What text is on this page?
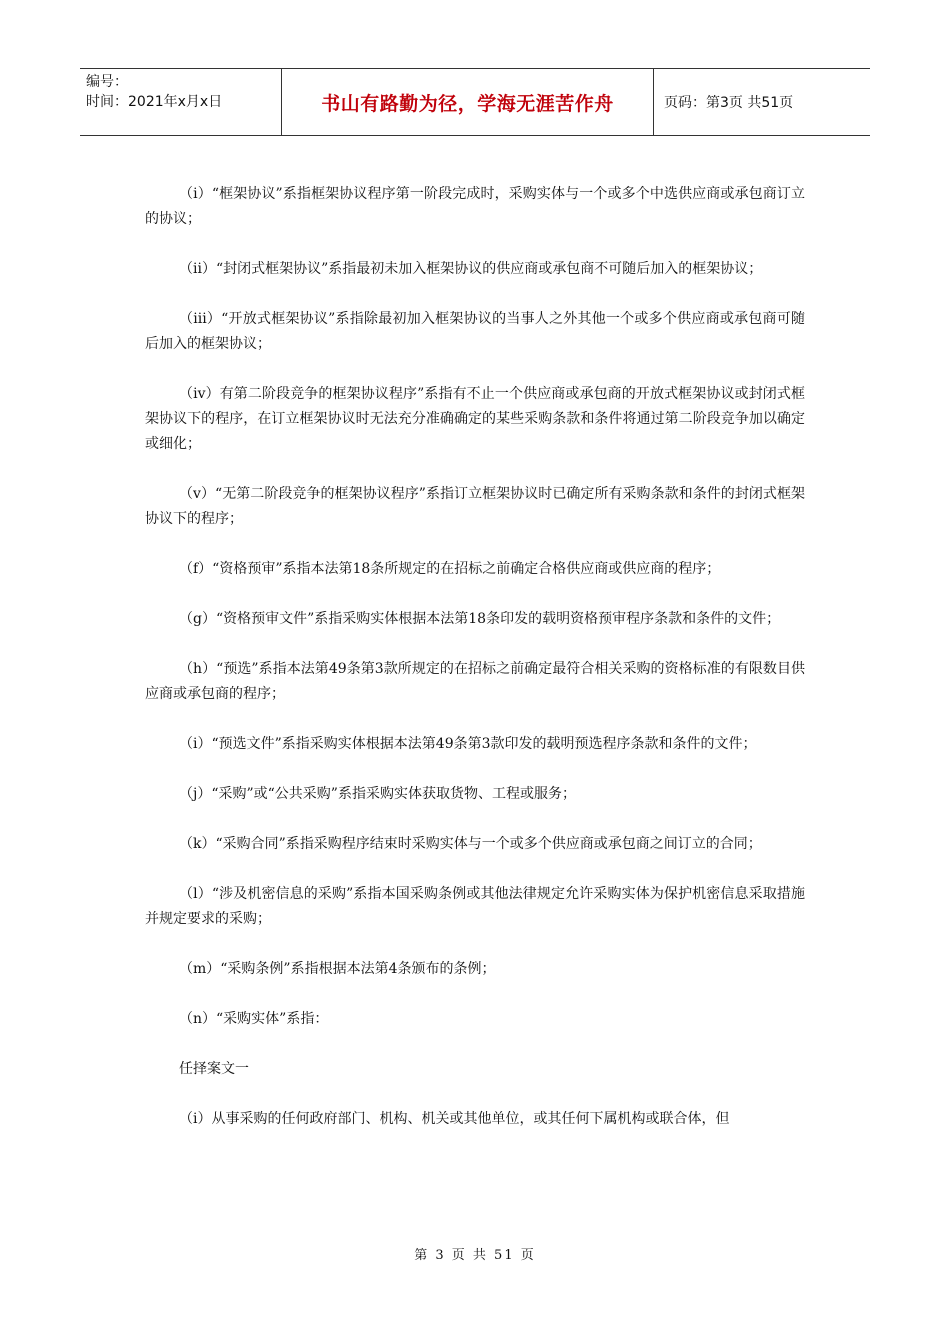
编号：
时间：2021年x月x日	书山有路勤为径，学海无涯苦作舟	页码：第3页 共51页

（i）“框架协议”系指框架协议程序第一阶段完成时，采购实体与一个或多个中选供应商或承包商订立的协议；

（ii）“封闭式框架协议”系指最初未加入框架协议的供应商或承包商不可随后加入的框架协议；

（iii）“开放式框架协议”系指除最初加入框架协议的当事人之外其他一个或多个供应商或承包商可随后加入的框架协议；

（iv）有第二阶段竞争的框架协议程序”系指有不止一个供应商或承包商的开放式框架协议或封闭式框架协议下的程序，在订立框架协议时无法充分准确确定的某些采购条款和条件将通过第二阶段竞争加以确定或细化；

（v）“无第二阶段竞争的框架协议程序”系指订立框架协议时已确定所有采购条款和条件的封闭式框架协议下的程序；

（f）“资格预审”系指本法第18条所规定的在招标之前确定合格供应商或供应商的程序；

（g）“资格预审文件”系指采购实体根据本法第18条印发的载明资格预审程序条款和条件的文件；

（h）“预选”系指本法第49条第3款所规定的在招标之前确定最符合相关采购的资格标准的有限数目供应商或承包商的程序；

（i）“预选文件”系指采购实体根据本法第49条第3款印发的载明预选程序条款和条件的文件；

（j）“采购”或“公共采购”系指采购实体获取货物、工程或服务；

（k）“采购合同”系指采购程序结束时采购实体与一个或多个供应商或承包商之间订立的合同；

（l）“涉及机密信息的采购”系指本国采购条例或其他法律规定允许采购实体为保护机密信息采取措施并规定要求的采购；

（m）“采购条例”系指根据本法第4条颁布的条例；

（n）“采购实体”系指：

任择案文一

（i）从事采购的任何政府部门、机构、机关或其他单位，或其任何下属机构或联合体，但

第 3 页 共 51 页
